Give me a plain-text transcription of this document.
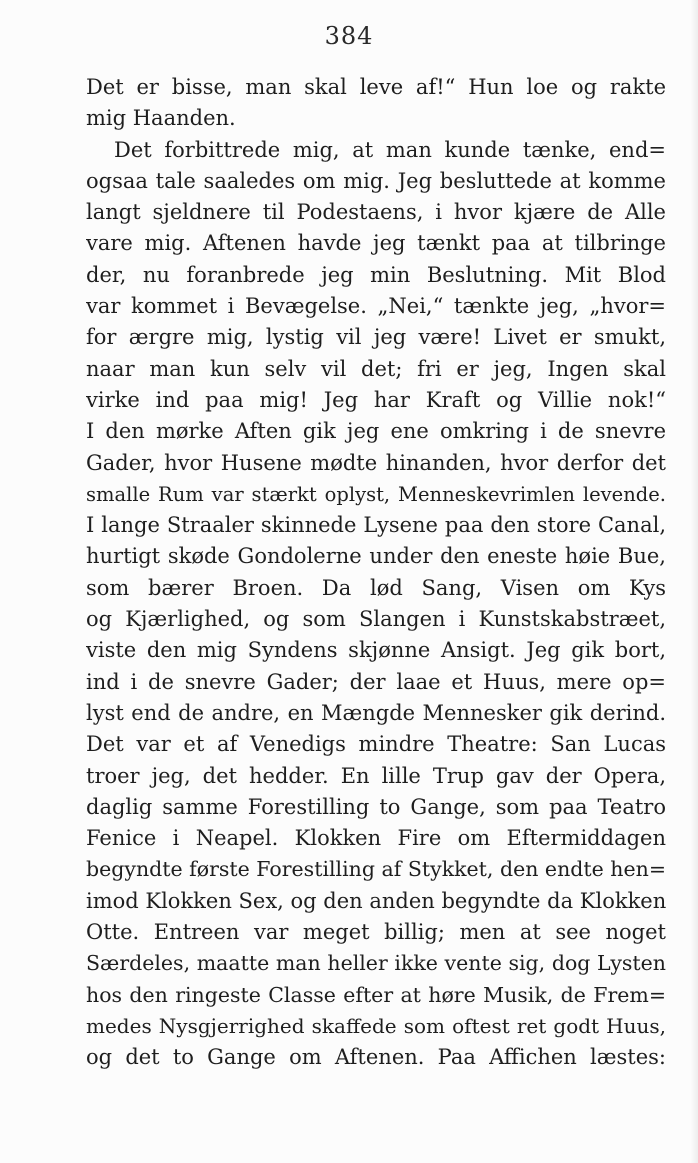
384
Det er bisse, man skal leve af!“ Hun loe og rakte
mig Haanden.
Det forbittrede mig, at man kunde tænke, end=
ogsaa tale saaledes om mig. Jeg besluttede at komme
langt sjeldnere til Podestaens, i hvor kjære de Alle
vare mig. Aftenen havde jeg tænkt paa at tilbringe
der, nu foranbrede jeg min Beslutning. Mit Blod
var kommet i Bevægelse. „Nei,“ tænkte jeg, „hvor=
for ærgre mig, lystig vil jeg være! Livet er smukt,
naar man kun selv vil det; fri er jeg, Ingen skal
virke ind paa mig! Jeg har Kraft og Villie nok!“
I den mørke Aften gik jeg ene omkring i de snevre
Gader, hvor Husene mødte hinanden, hvor derfor det
smalle Rum var stærkt oplyst, Menneskevrimlen levende.
I lange Straaler skinnede Lysene paa den store Canal,
hurtigt skøde Gondolerne under den eneste høie Bue,
som bærer Broen. Da lød Sang, Visen om Kys
og Kjærlighed, og som Slangen i Kunstskabstræet,
viste den mig Syndens skjønne Ansigt. Jeg gik bort,
ind i de snevre Gader; der laae et Huus, mere op=
lyst end de andre, en Mængde Mennesker gik derind.
Det var et af Venedigs mindre Theatre: San Lucas
troer jeg, det hedder. En lille Trup gav der Opera,
daglig samme Forestilling to Gange, som paa Teatro
Fenice i Neapel. Klokken Fire om Eftermiddagen
begyndte første Forestilling af Stykket, den endte hen=
imod Klokken Sex, og den anden begyndte da Klokken
Otte. Entreen var meget billig; men at see noget
Særdeles, maatte man heller ikke vente sig, dog Lysten
hos den ringeste Classe efter at høre Musik, de Frem=
medes Nysgjerrighed skaffede som oftest ret godt Huus,
og det to Gange om Aftenen. Paa Affichen læstes:
